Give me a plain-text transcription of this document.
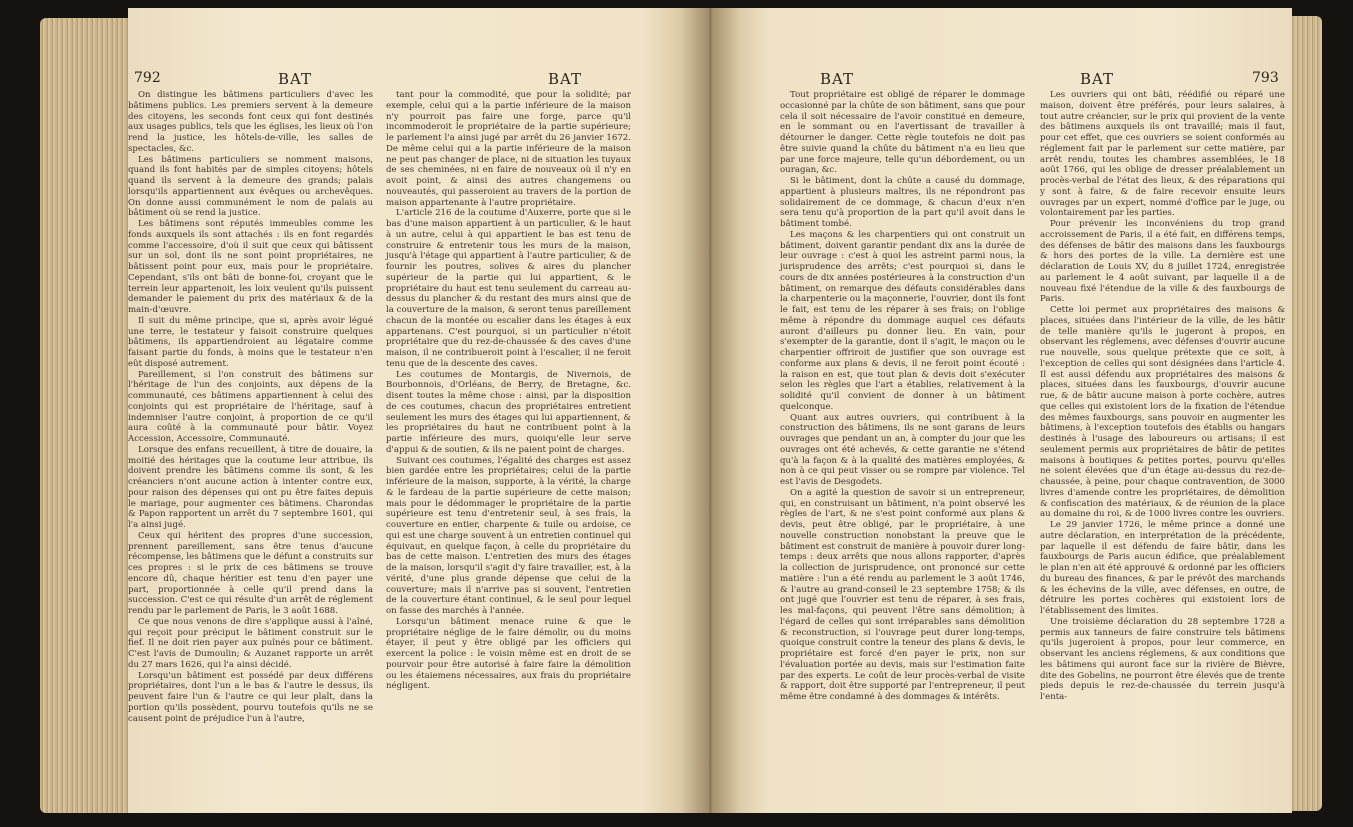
792	BAT	BAT

On distingue les bâtimens particuliers d'avec les bâtimens publics. Les premiers servent à la demeure des citoyens, les seconds font ceux qui font destinés aux usages publics, tels que les églises, les lieux où l'on rend la justice, les hôtels-de-ville, les salles de spectacles, &c.

Les bâtimens particuliers se nomment maisons, quand ils font habités par de simples citoyens; hôtels quand ils servent à la demeure des grands; palais lorsqu'ils appartiennent aux évêques ou archevêques. On donne aussi communément le nom de palais au bâtiment où se rend la justice.

Les bâtimens sont réputés immeubles comme les fonds auxquels ils sont attachés : ils en font regardés comme l'accessoire, d'où il suit que ceux qui bâtissent sur un sol, dont ils ne sont point propriétaires, ne bâtissent point pour eux, mais pour le propriétaire. Cependant, s'ils ont bâti de bonne-foi, croyant que le terrein leur appartenoit, les loix veulent qu'ils puissent demander le paiement du prix des matériaux & de la main-d'œuvre.

Il suit du même principe, que si, après avoir légué une terre, le testateur y faisoit construire quelques bâtimens, ils appartiendroient au légataire comme faisant partie du fonds, à moins que le testateur n'en eût disposé autrement.

Pareillement, si l'on construit des bâtimens sur l'héritage de l'un des conjoints, aux dépens de la communauté, ces bâtimens appartiennent à celui des conjoints qui est propriétaire de l'héritage, sauf à indemniser l'autre conjoint, à proportion de ce qu'il aura coûté à la communauté pour bâtir. Voyez Accession, Accessoire, Communauté.

Lorsque des enfans recueillent, à titre de douaire, la moitié des héritages que la coutume leur attribue, ils doivent prendre les bâtimens comme ils sont, & les créanciers n'ont aucune action à intenter contre eux, pour raison des dépenses qui ont pu être faites depuis le mariage, pour augmenter ces bâtimens. Charondas & Papon rapportent un arrêt du 7 septembre 1601, qui l'a ainsi jugé.

Ceux qui héritent des propres d'une succession, prennent pareillement, sans être tenus d'aucune récompense, les bâtimens que le défunt a construits sur ces propres : si le prix de ces bâtimens se trouve encore dû, chaque héritier est tenu d'en payer une part, proportionnée à celle qu'il prend dans la succession. C'est ce qui résulte d'un arrêt de réglement rendu par le parlement de Paris, le 3 août 1688.

Ce que nous venons de dire s'applique aussi à l'aîné, qui reçoit pour préciput le bâtiment construit sur le fief. Il ne doit rien payer aux puînés pour ce bâtiment. C'est l'avis de Dumoulin; & Auzanet rapporte un arrêt du 27 mars 1626, qui l'a ainsi décidé.

Lorsqu'un bâtiment est possédé par deux différens propriétaires, dont l'un a le bas & l'autre le dessus, ils peuvent faire l'un & l'autre ce qui leur plaît, dans la portion qu'ils possèdent, pourvu toutefois qu'ils ne se causent point de préjudice l'un à l'autre,

tant pour la commodité, que pour la solidité; par exemple, celui qui a la partie inférieure de la maison n'y pourroit pas faire une forge, parce qu'il incommoderoit le propriétaire de la partie supérieure; le parlement l'a ainsi jugé par arrêt du 26 janvier 1672. De même celui qui a la partie inférieure de la maison ne peut pas changer de place, ni de situation les tuyaux de ses cheminées, ni en faire de nouveaux où il n'y en avoit point, & ainsi des autres changemens ou nouveautés, qui passeroient au travers de la portion de maison appartenante à l'autre propriétaire.

L'article 216 de la coutume d'Auxerre, porte que si le bas d'une maison appartient à un particulier, & le haut à un autre, celui à qui appartient le bas est tenu de construire & entretenir tous les murs de la maison, jusqu'à l'étage qui appartient à l'autre particulier, & de fournir les poutres, solives & aires du plancher supérieur de la partie qui lui appartient, & le propriétaire du haut est tenu seulement du carreau au-dessus du plancher & du restant des murs ainsi que de la couverture de la maison, & seront tenus pareillement chacun de la montée ou escalier dans les étages à eux appartenans. C'est pourquoi, si un particulier n'étoit propriétaire que du rez-de-chaussée & des caves d'une maison, il ne contribueroit point à l'escalier, il ne feroit tenu que de la descente des caves.

Les coutumes de Montargis, de Nivernois, de Bourbonnois, d'Orléans, de Berry, de Bretagne, &c. disent toutes la même chose : ainsi, par la disposition de ces coutumes, chacun des propriétaires entretient seulement les murs des étages qui lui appartiennent, & les propriétaires du haut ne contribuent point à la partie inférieure des murs, quoiqu'elle leur serve d'appui & de soutien, & ils ne paient point de charges.

Suivant ces coutumes, l'égalité des charges est assez bien gardée entre les propriétaires; celui de la partie inférieure de la maison, supporte, à la vérité, la charge & le fardeau de la partie supérieure de cette maison; mais pour le dédommager le propriétaire de la partie supérieure est tenu d'entretenir seul, à ses frais, la couverture en entier, charpente & tuile ou ardoise, ce qui est une charge souvent à un entretien continuel qui équivaut, en quelque façon, à celle du propriétaire du bas de cette maison. L'entretien des murs des étages de la maison, lorsqu'il s'agit d'y faire travailler, est, à la vérité, d'une plus grande dépense que celui de la couverture; mais il n'arrive pas si souvent, l'entretien de la couverture étant continuel, & le seul pour lequel on fasse des marchés à l'année.

Lorsqu'un bâtiment menace ruine & que le propriétaire néglige de le faire démolir, ou du moins étayer, il peut y être obligé par les officiers qui exercent la police : le voisin même est en droit de se pourvoir pour être autorisé à faire faire la démolition ou les étaiemens nécessaires, aux frais du propriétaire négligent.

BAT	BAT	793

Tout propriétaire est obligé de réparer le dommage occasionné par la chûte de son bâtiment, sans que pour cela il soit nécessaire de l'avoir constitué en demeure, en le sommant ou en l'avertissant de travailler à détourner le danger. Cette règle toutefois ne doit pas être suivie quand la chûte du bâtiment n'a eu lieu que par une force majeure, telle qu'un débordement, ou un ouragan, &c.

Si le bâtiment, dont la chûte a causé du dommage, appartient à plusieurs maîtres, ils ne répondront pas solidairement de ce dommage, & chacun d'eux n'en sera tenu qu'à proportion de la part qu'il avoit dans le bâtiment tombé.

Les maçons & les charpentiers qui ont construit un bâtiment, doivent garantir pendant dix ans la durée de leur ouvrage : c'est à quoi les astreint parmi nous, la jurisprudence des arrêts; c'est pourquoi si, dans le cours de dix années postérieures à la construction d'un bâtiment, on remarque des défauts considérables dans la charpenterie ou la maçonnerie, l'ouvrier, dont ils font le fait, est tenu de les réparer à ses frais; on l'oblige même à répondre du dommage auquel ces défauts auront d'ailleurs pu donner lieu. En vain, pour s'exempter de la garantie, dont il s'agit, le maçon ou le charpentier offriroit de justifier que son ouvrage est conforme aux plans & devis, il ne feroit point écouté : la raison en est, que tout plan & devis doit s'exécuter selon les règles que l'art a établies, relativement à la solidité qu'il convient de donner à un bâtiment quelconque.

Quant aux autres ouvriers, qui contribuent à la construction des bâtimens, ils ne sont garans de leurs ouvrages que pendant un an, à compter du jour que les ouvrages ont été achevés, & cette garantie ne s'étend qu'à la façon & à la qualité des matières employées, & non à ce qui peut visser ou se rompre par violence. Tel est l'avis de Desgodets.

On a agité la question de savoir si un entrepreneur, qui, en construisant un bâtiment, n'a point observé les règles de l'art, & ne s'est point conformé aux plans & devis, peut être obligé, par le propriétaire, à une nouvelle construction nonobstant la preuve que le bâtiment est construit de manière à pouvoir durer long-temps : deux arrêts que nous allons rapporter, d'après la collection de jurisprudence, ont prononcé sur cette matière : l'un a été rendu au parlement le 3 août 1746, & l'autre au grand-conseil le 23 septembre 1758; & ils ont jugé que l'ouvrier est tenu de réparer, à ses frais, les mal-façons, qui peuvent l'être sans démolition; à l'égard de celles qui sont irréparables sans démolition & reconstruction, si l'ouvrage peut durer long-temps, quoique construit contre la teneur des plans & devis, le propriétaire est forcé d'en payer le prix, non sur l'évaluation portée au devis, mais sur l'estimation faite par des experts. Le coût de leur procès-verbal de visite & rapport, doit être supporté par l'entrepreneur, il peut même être condamné à des dommages & intérêts.

Les ouvriers qui ont bâti, réédifié ou réparé une maison, doivent être préférés, pour leurs salaires, à tout autre créancier, sur le prix qui provient de la vente des bâtimens auxquels ils ont travaillé; mais il faut, pour cet effet, que ces ouvriers se soient conformés au réglement fait par le parlement sur cette matière, par arrêt rendu, toutes les chambres assemblées, le 18 août 1766, qui les oblige de dresser préalablement un procès-verbal de l'état des lieux, & des réparations qui y sont à faire, & de faire recevoir ensuite leurs ouvrages par un expert, nommé d'office par le juge, ou volontairement par les parties.

Pour prévenir les inconvéniens du trop grand accroissement de Paris, il a été fait, en différens temps, des défenses de bâtir des maisons dans les fauxbourgs & hors des portes de la ville. La dernière est une déclaration de Louis XV, du 8 juillet 1724, enregistrée au parlement le 4 août suivant, par laquelle il a de nouveau fixé l'étendue de la ville & des fauxbourgs de Paris.

Cette loi permet aux propriétaires des maisons & places, situées dans l'intérieur de la ville, de les bâtir de telle manière qu'ils le jugeront à propos, en observant les réglemens, avec défenses d'ouvrir aucune rue nouvelle, sous quelque prétexte que ce soit, à l'exception de celles qui sont désignées dans l'article 4. Il est aussi défendu aux propriétaires des maisons & places, situées dans les fauxbourgs, d'ouvrir aucune rue, & de bâtir aucune maison à porte cochère, autres que celles qui existoient lors de la fixation de l'étendue des mêmes fauxbourgs, sans pouvoir en augmenter les bâtimens, à l'exception toutefois des établis ou hangars destinés à l'usage des laboureurs ou artisans; il est seulement permis aux propriétaires de bâtir de petites maisons à boutiques & petites portes, pourvu qu'elles ne soient élevées que d'un étage au-dessus du rez-de-chaussée, à peine, pour chaque contravention, de 3000 livres d'amende contre les propriétaires, de démolition & confiscation des matériaux, & de réunion de la place au domaine du roi, & de 1000 livres contre les ouvriers.

Le 29 janvier 1726, le même prince a donné une autre déclaration, en interprétation de la précédente, par laquelle il est défendu de faire bâtir, dans les fauxbourgs de Paris aucun édifice, que préalablement le plan n'en ait été approuvé & ordonné par les officiers du bureau des finances, & par le prévôt des marchands & les échevins de la ville, avec défenses, en outre, de détruire les portes cochères qui existoient lors de l'établissement des limites.

Une troisième déclaration du 28 septembre 1728 a permis aux tanneurs de faire construire tels bâtimens qu'ils jugeroient à propos, pour leur commerce, en observant les anciens réglemens, & aux conditions que les bâtimens qui auront face sur la rivière de Bièvre, dite des Gobelins, ne pourront être élevés que de trente pieds depuis le rez-de-chaussée du terrein jusqu'à l'enta-
